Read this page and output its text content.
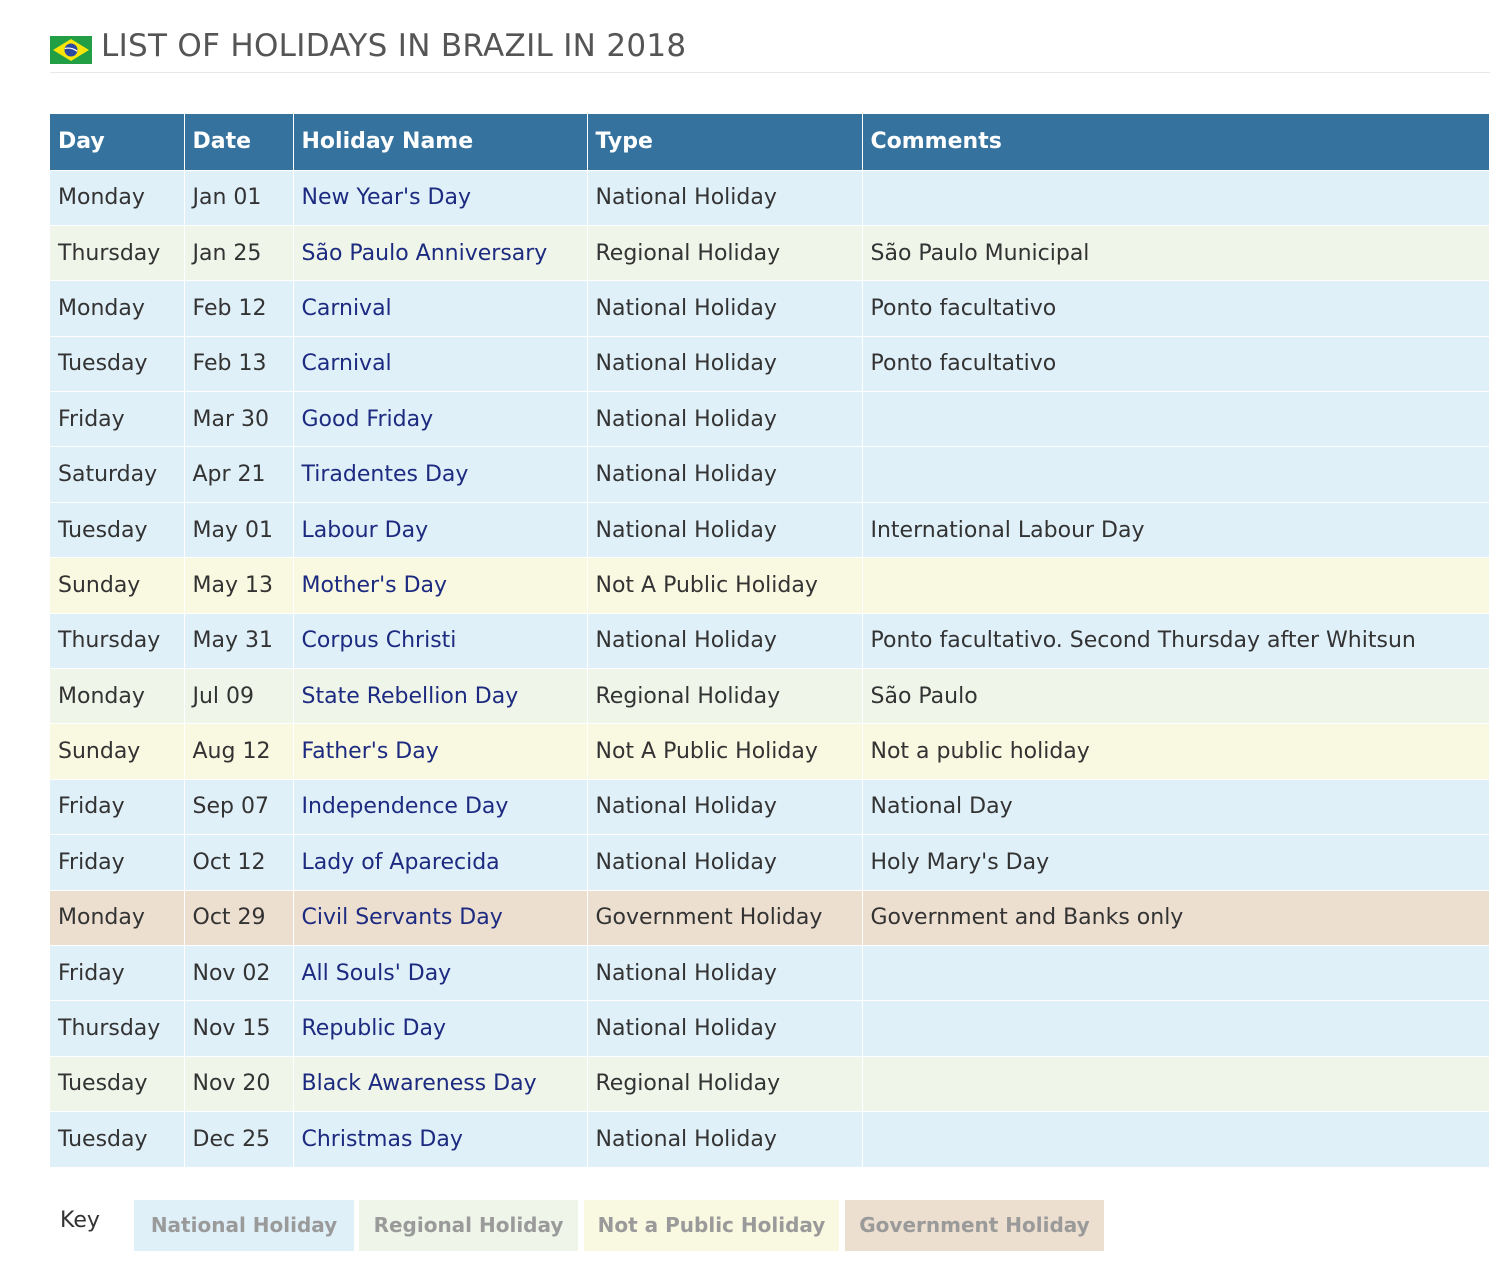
LIST OF HOLIDAYS IN BRAZIL IN 2018
Day	Date	Holiday Name	Type	Comments
Monday	Jan 01	New Year's Day	National Holiday	
Thursday	Jan 25	São Paulo Anniversary	Regional Holiday	São Paulo Municipal
Monday	Feb 12	Carnival	National Holiday	Ponto facultativo
Tuesday	Feb 13	Carnival	National Holiday	Ponto facultativo
Friday	Mar 30	Good Friday	National Holiday	
Saturday	Apr 21	Tiradentes Day	National Holiday	
Tuesday	May 01	Labour Day	National Holiday	International Labour Day
Sunday	May 13	Mother's Day	Not A Public Holiday	
Thursday	May 31	Corpus Christi	National Holiday	Ponto facultativo. Second Thursday after Whitsun
Monday	Jul 09	State Rebellion Day	Regional Holiday	São Paulo
Sunday	Aug 12	Father's Day	Not A Public Holiday	Not a public holiday
Friday	Sep 07	Independence Day	National Holiday	National Day
Friday	Oct 12	Lady of Aparecida	National Holiday	Holy Mary's Day
Monday	Oct 29	Civil Servants Day	Government Holiday	Government and Banks only
Friday	Nov 02	All Souls' Day	National Holiday	
Thursday	Nov 15	Republic Day	National Holiday	
Tuesday	Nov 20	Black Awareness Day	Regional Holiday	
Tuesday	Dec 25	Christmas Day	National Holiday	
Key	National Holiday	Regional Holiday	Not a Public Holiday	Government Holiday
